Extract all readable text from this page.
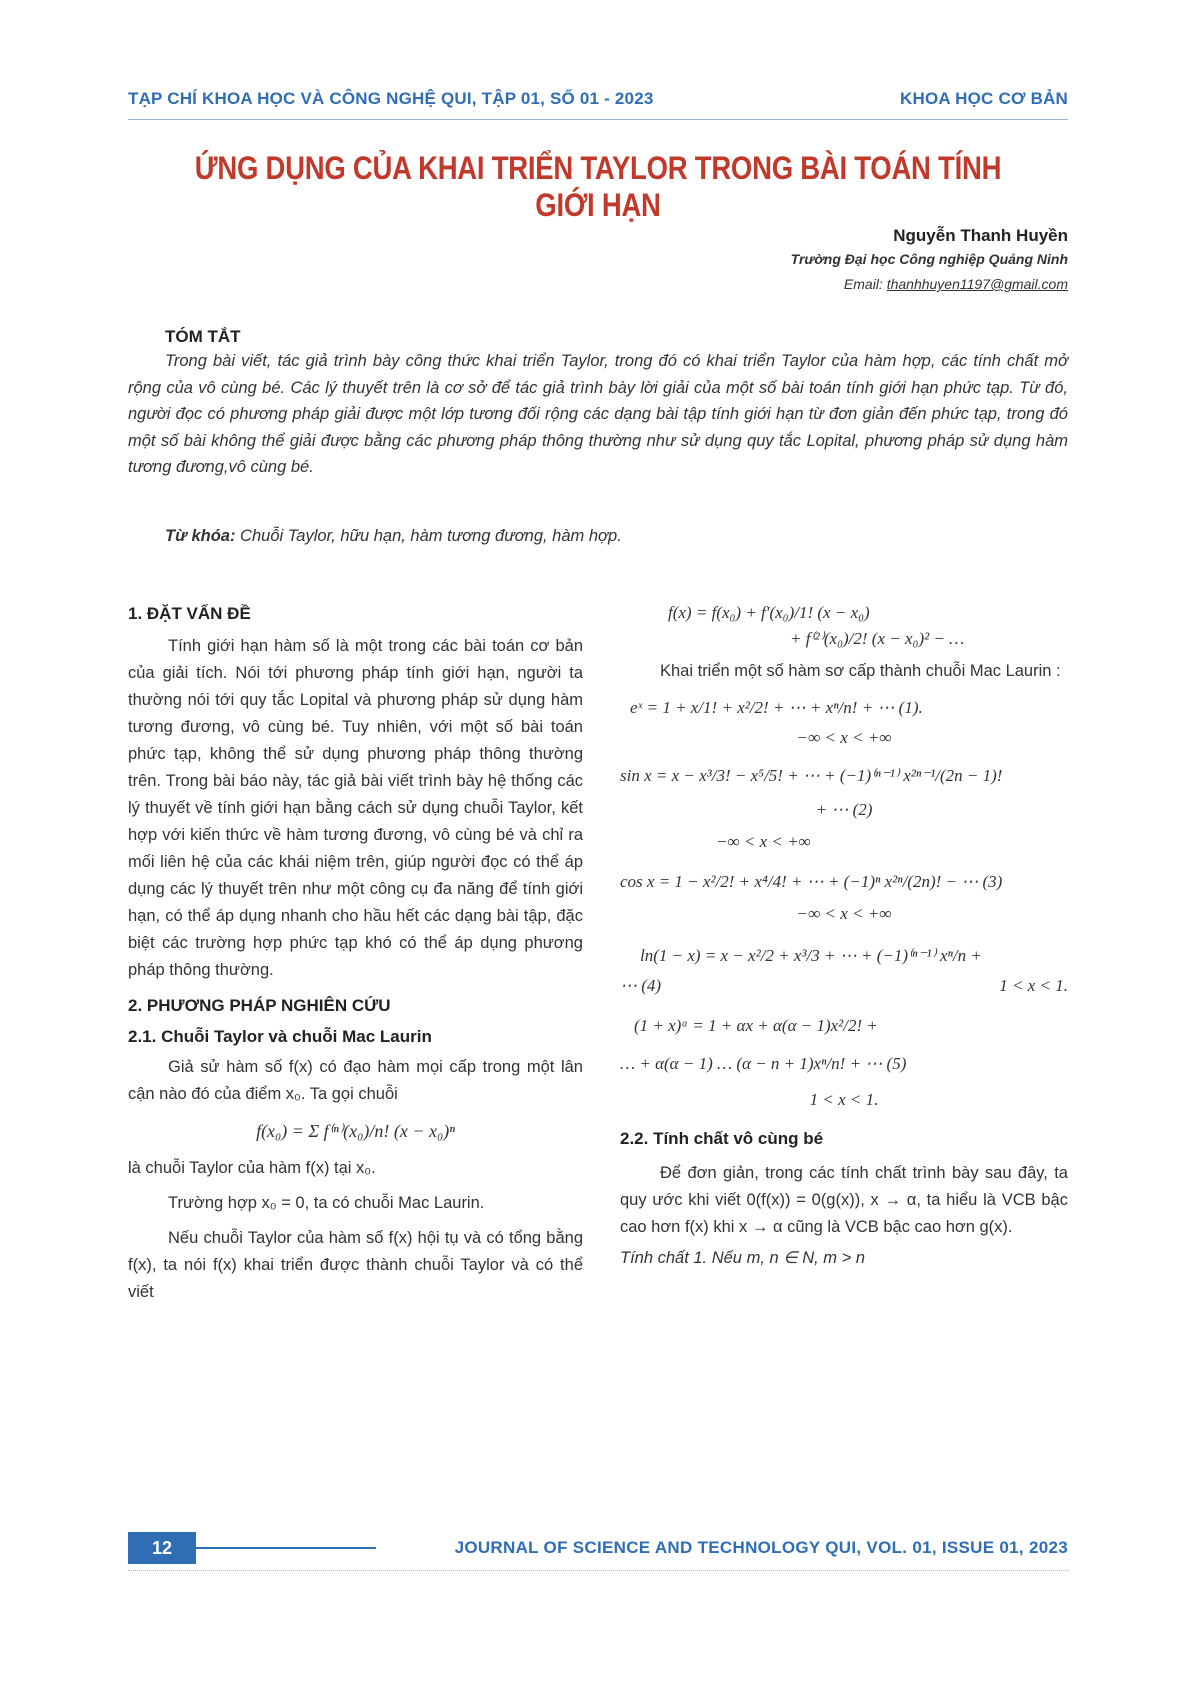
TẠP CHÍ KHOA HỌC VÀ CÔNG NGHỆ QUI, TẬP 01, SỐ 01 - 2023	KHOA HỌC CƠ BẢN
ỨNG DỤNG CỦA KHAI TRIỂN TAYLOR TRONG BÀI TOÁN TÍNH GIỚI HẠN
Nguyễn Thanh Huyền
Trường Đại học Công nghiệp Quảng Ninh
Email: thanhhuyen1197@gmail.com
TÓM TẮT
Trong bài viết, tác giả trình bày công thức khai triển Taylor, trong đó có khai triển Taylor của hàm hợp, các tính chất mở rộng của vô cùng bé. Các lý thuyết trên là cơ sở để tác giả trình bày lời giải của một số bài toán tính giới hạn phức tạp. Từ đó, người đọc có phương pháp giải được một lớp tương đối rộng các dạng bài tập tính giới hạn từ đơn giản đến phức tạp, trong đó một số bài không thể giải được bằng các phương pháp thông thường như sử dụng quy tắc Lopital, phương pháp sử dụng hàm tương đương,vô cùng bé.
Từ khóa: Chuỗi Taylor, hữu hạn, hàm tương đương, hàm hợp.

1. ĐẶT VẤN ĐỀ

Tính giới hạn hàm số là một trong các bài toán cơ bản của giải tích. Nói tới phương pháp tính giới hạn, người ta thường nói tới quy tắc Lopital và phương pháp sử dụng hàm tương đương, vô cùng bé. Tuy nhiên, với một số bài toán phức tạp, không thể sử dụng phương pháp thông thường trên. Trong bài báo này, tác giả bài viết trình bày hệ thống các lý thuyết về tính giới hạn bằng cách sử dụng chuỗi Taylor, kết hợp với kiến thức về hàm tương đương, vô cùng bé và chỉ ra mối liên hệ của các khái niệm trên, giúp người đọc có thể áp dụng các lý thuyết trên như một công cụ đa năng để tính giới hạn, có thể áp dụng nhanh cho hầu hết các dạng bài tập, đặc biệt các trường hợp phức tạp khó có thể áp dụng phương pháp thông thường.

2. PHƯƠNG PHÁP NGHIÊN CỨU

2.1. Chuỗi Taylor và chuỗi Mac Laurin

Giả sử hàm số f(x) có đạo hàm mọi cấp trong một lân cận nào đó của điểm x₀. Ta gọi chuỗi

f(x₀) = Σ f⁽ⁿ⁾(x₀)/n! (x − x₀)ⁿ

là chuỗi Taylor của hàm f(x) tại x₀.

Trường hợp x₀ = 0, ta có chuỗi Mac Laurin.

Nếu chuỗi Taylor của hàm số f(x) hội tụ và có tổng bằng f(x), ta nói f(x) khai triển được thành chuỗi Taylor và có thể viết

f(x) = f(x₀) + f′(x₀)/1! (x − x₀)
+ f⁽²⁾(x₀)/2! (x − x₀)² − …

Khai triển một số hàm sơ cấp thành chuỗi Mac Laurin :

eˣ = 1 + x/1! + x²/2! + ⋯ + xⁿ/n! + ⋯ (1).
−∞ < x < +∞
sin x = x − x³/3! − x⁵/5! + ⋯ + (−1)⁽ⁿ⁻¹⁾ x²ⁿ⁻¹/(2n − 1)!
+ ⋯ (2)
−∞ < x < +∞
cos x = 1 − x²/2! + x⁴/4! + ⋯ + (−1)ⁿ x²ⁿ/(2n)! − ⋯ (3)
−∞ < x < +∞
ln(1 − x) = x − x²/2 + x³/3 + ⋯ + (−1)⁽ⁿ⁻¹⁾ xⁿ/n +
⋯ (4)	1 < x < 1.
(1 + x)ᵅ = 1 + αx + α(α − 1)x²/2! +
… + α(α − 1) … (α − n + 1)xⁿ/n! + ⋯ (5)
1 < x < 1.

2.2. Tính chất vô cùng bé

Để đơn giản, trong các tính chất trình bày sau đây, ta quy ước khi viết 0(f(x)) = 0(g(x)), x → α, ta hiểu là VCB bậc cao hơn f(x) khi x → α cũng là VCB bậc cao hơn g(x).

Tính chất 1. Nếu m, n ∈ N, m > n

12	JOURNAL OF SCIENCE AND TECHNOLOGY QUI, VOL. 01, ISSUE 01, 2023
